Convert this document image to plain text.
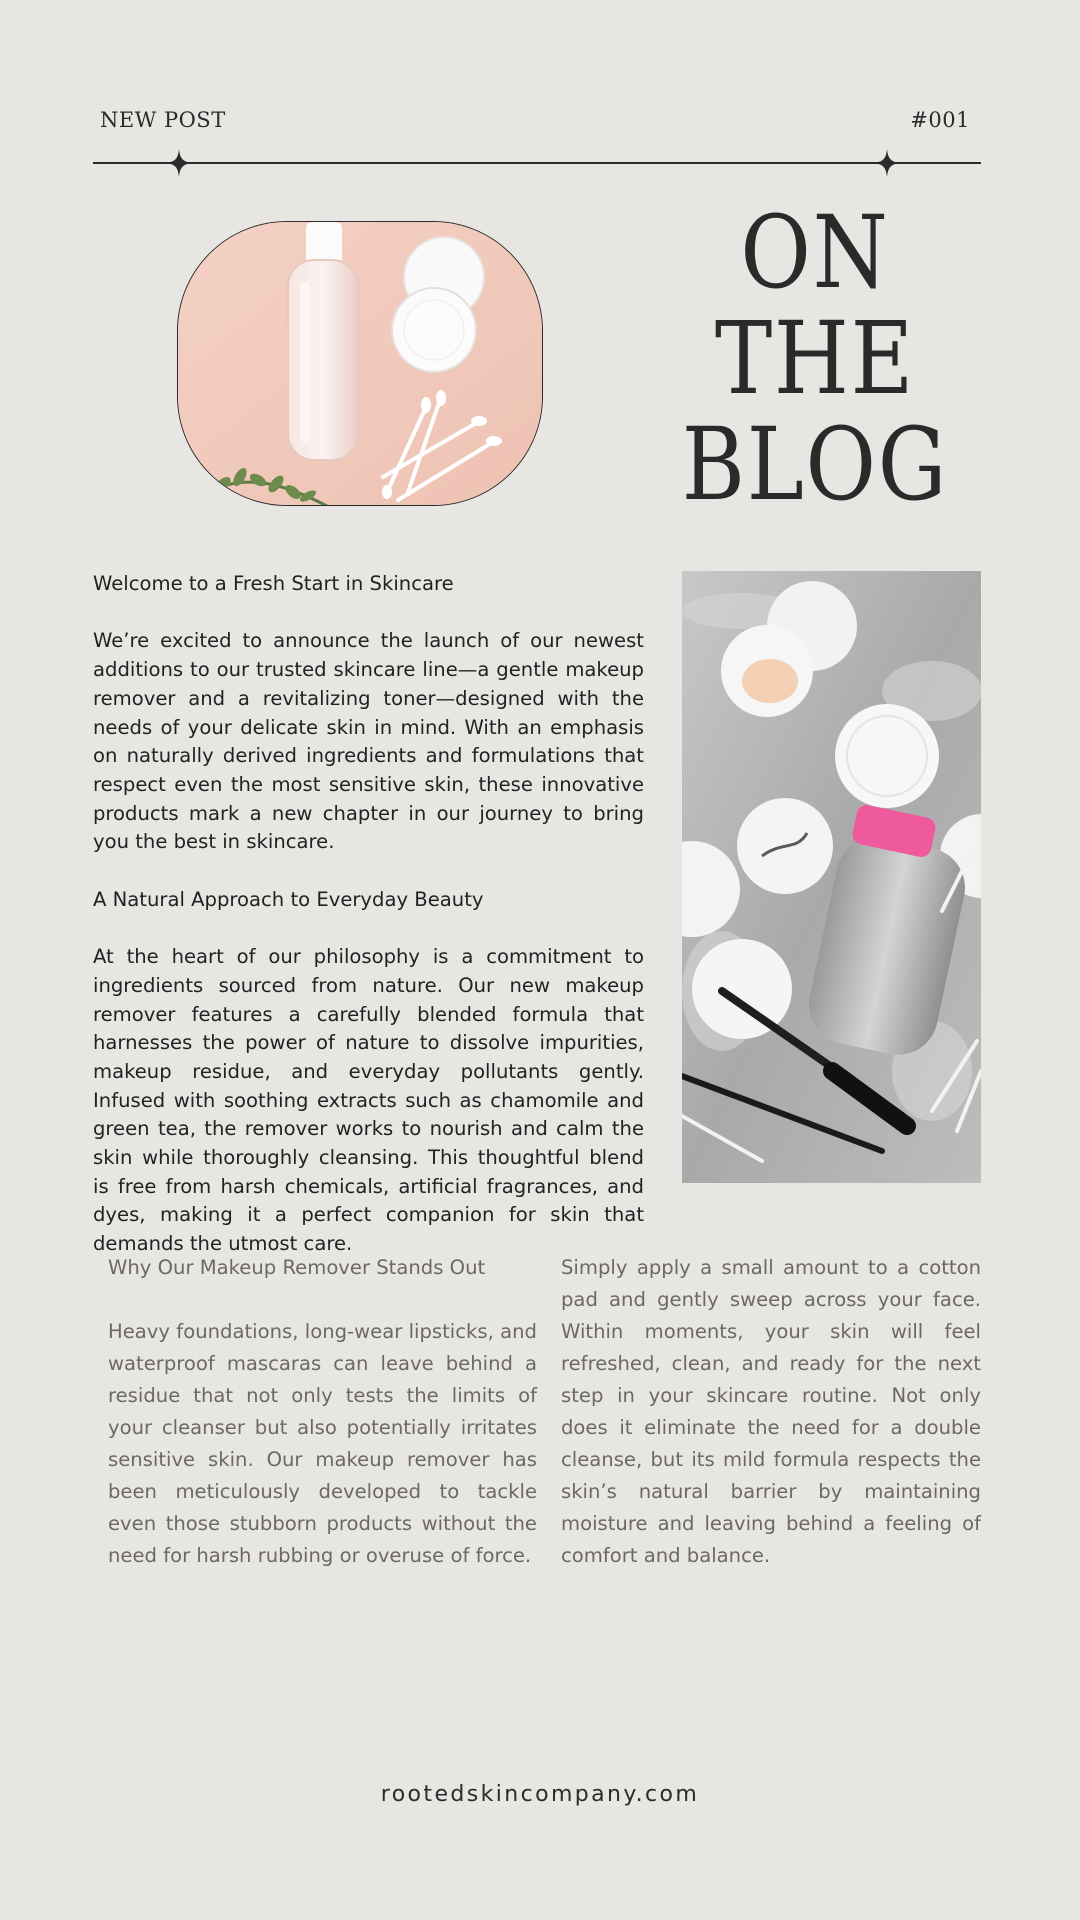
NEW POST	#001
ON
THE
BLOG
Welcome to a Fresh Start in Skincare
We’re excited to announce the launch of our newest additions to our trusted skincare line—a gentle makeup remover and a revitalizing toner—designed with the needs of your delicate skin in mind. With an emphasis on naturally derived ingredients and formulations that respect even the most sensitive skin, these innovative products mark a new chapter in our journey to bring you the best in skincare.
A Natural Approach to Everyday Beauty
At the heart of our philosophy is a commitment to ingredients sourced from nature. Our new makeup remover features a carefully blended formula that harnesses the power of nature to dissolve impurities, makeup residue, and everyday pollutants gently. Infused with soothing extracts such as chamomile and green tea, the remover works to nourish and calm the skin while thoroughly cleansing. This thoughtful blend is free from harsh chemicals, artificial fragrances, and dyes, making it a perfect companion for skin that demands the utmost care.
Why Our Makeup Remover Stands Out
Heavy foundations, long-wear lipsticks, and waterproof mascaras can leave behind a residue that not only tests the limits of your cleanser but also potentially irritates sensitive skin. Our makeup remover has been meticulously developed to tackle even those stubborn products without the need for harsh rubbing or overuse of force.
Simply apply a small amount to a cotton pad and gently sweep across your face. Within moments, your skin will feel refreshed, clean, and ready for the next step in your skincare routine. Not only does it eliminate the need for a double cleanse, but its mild formula respects the skin’s natural barrier by maintaining moisture and leaving behind a feeling of comfort and balance.
rootedskincompany.com
